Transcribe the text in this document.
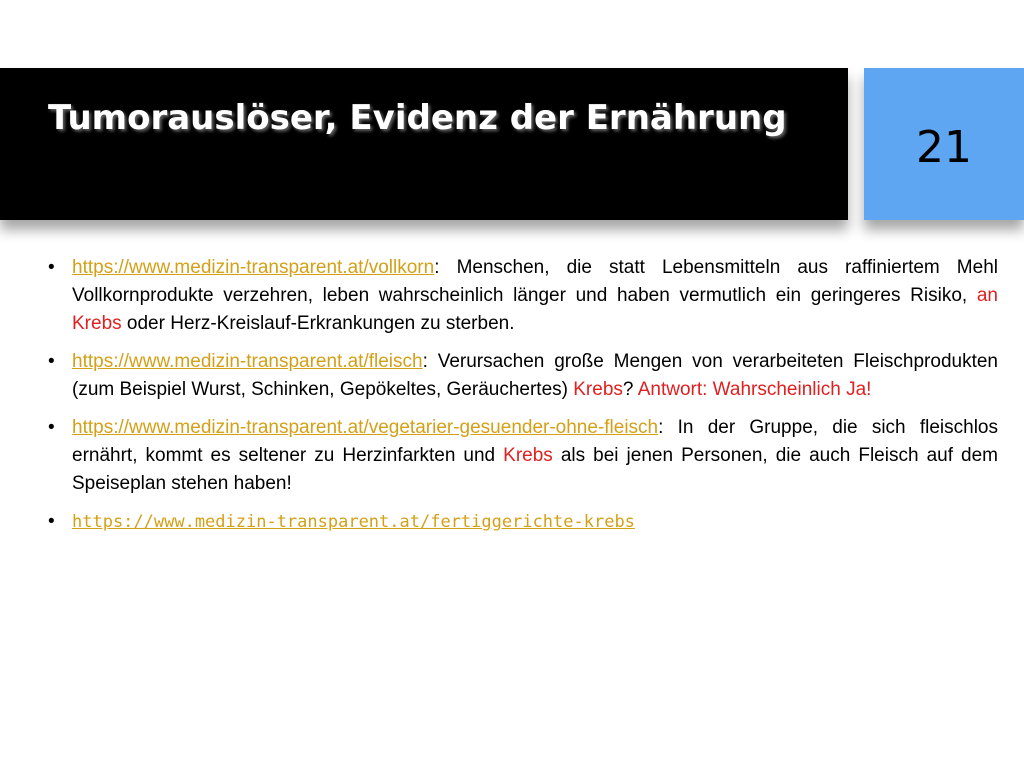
Tumorauslöser, Evidenz der Ernährung
21
• https://www.medizin-transparent.at/vollkorn: Menschen, die statt Lebensmitteln aus raffiniertem Mehl Vollkornprodukte verzehren, leben wahrscheinlich länger und haben vermutlich ein geringeres Risiko, an Krebs oder Herz-Kreislauf-Erkrankungen zu sterben.
• https://www.medizin-transparent.at/fleisch: Verursachen große Mengen von verarbeiteten Fleischprodukten (zum Beispiel Wurst, Schinken, Gepökeltes, Geräuchertes) Krebs? Antwort: Wahrscheinlich Ja!
• https://www.medizin-transparent.at/vegetarier-gesuender-ohne-fleisch: In der Gruppe, die sich fleischlos ernährt, kommt es seltener zu Herzinfarkten und Krebs als bei jenen Personen, die auch Fleisch auf dem Speiseplan stehen haben!
• https://www.medizin-transparent.at/fertiggerichte-krebs
